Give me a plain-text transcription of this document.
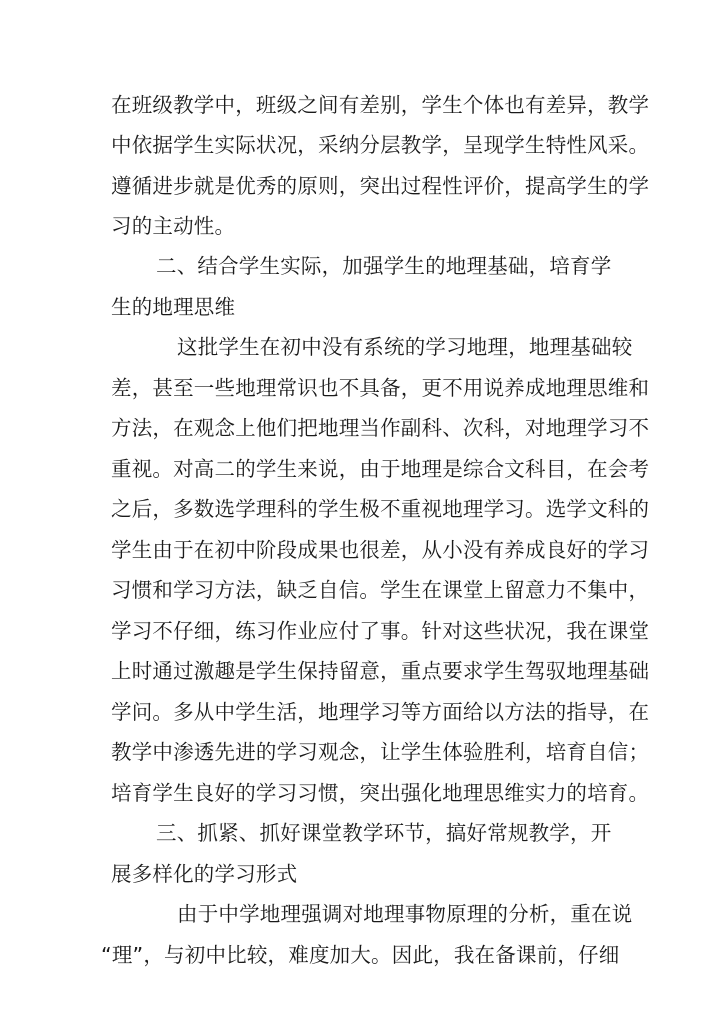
在班级教学中，班级之间有差别，学生个体也有差异，教学
中依据学生实际状况，采纳分层教学，呈现学生特性风采。
遵循进步就是优秀的原则，突出过程性评价，提高学生的学
习的主动性。
二、结合学生实际，加强学生的地理基础，培育学
生的地理思维
这批学生在初中没有系统的学习地理，地理基础较
差，甚至一些地理常识也不具备，更不用说养成地理思维和
方法，在观念上他们把地理当作副科、次科，对地理学习不
重视。对高二的学生来说，由于地理是综合文科目，在会考
之后，多数选学理科的学生极不重视地理学习。选学文科的
学生由于在初中阶段成果也很差，从小没有养成良好的学习
习惯和学习方法，缺乏自信。学生在课堂上留意力不集中，
学习不仔细，练习作业应付了事。针对这些状况，我在课堂
上时通过激趣是学生保持留意，重点要求学生驾驭地理基础
学问。多从中学生活，地理学习等方面给以方法的指导，在
教学中渗透先进的学习观念，让学生体验胜利，培育自信；
培育学生良好的学习习惯，突出强化地理思维实力的培育。
三、抓紧、抓好课堂教学环节，搞好常规教学，开
展多样化的学习形式
由于中学地理强调对地理事物原理的分析，重在说
“理”，与初中比较，难度加大。因此，我在备课前，仔细
